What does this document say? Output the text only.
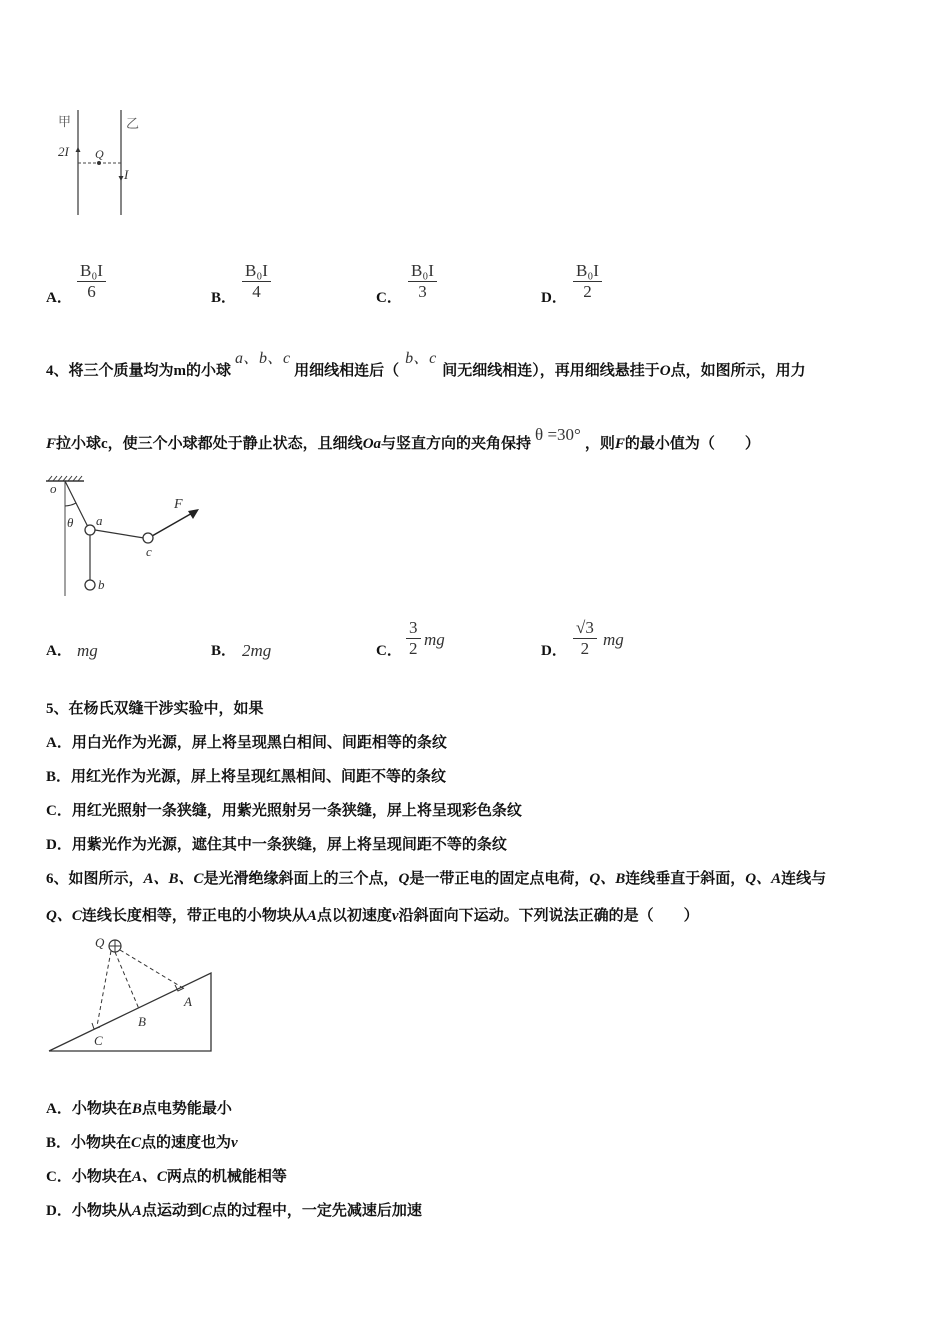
甲	乙
2I Q
I
A． $\frac{\text{B₀I}}{6}$	B． $\frac{\text{B₀I}}{4}$	C． $\frac{\text{B₀I}}{3}$	D． $\frac{\text{B₀I}}{2}$
4、将三个质量均为m的小球a、b、c用细线相连后（b、c间无细线相连），再用细线悬挂于O点，如图所示，用力
F拉小球c，使三个小球都处于静止状态，且细线Oa与竖直方向的夹角保持 θ =30° ，则F的最小值为（　　）
o
θ a
b
c
F
A． mg	B． 2mg	C． $\frac{3}{2}$ mg
D． $\frac{√3}{2}$ mg
5、在杨氏双缝干涉实验中，如果
A．用白光作为光源，屏上将呈现黑白相间、间距相等的条纹
B．用红光作为光源，屏上将呈现红黑相间、间距不等的条纹
C．用红光照射一条狭缝，用紫光照射另一条狭缝，屏上将呈现彩色条纹
D．用紫光作为光源，遮住其中一条狭缝，屏上将呈现间距不等的条纹
6、如图所示，A、B、C是光滑绝缘斜面上的三个点，Q是一带正电的固定点电荷，Q、B连线垂直于斜面，Q、A连线与
Q、C连线长度相等，带正电的小物块从A点以初速度v沿斜面向下运动。下列说法正确的是（　　）
Q
A
B
C
A．小物块在B点电势能最小
B．小物块在C点的速度也为v
C．小物块在A、C两点的机械能相等
D．小物块从A点运动到C点的过程中，一定先减速后加速
